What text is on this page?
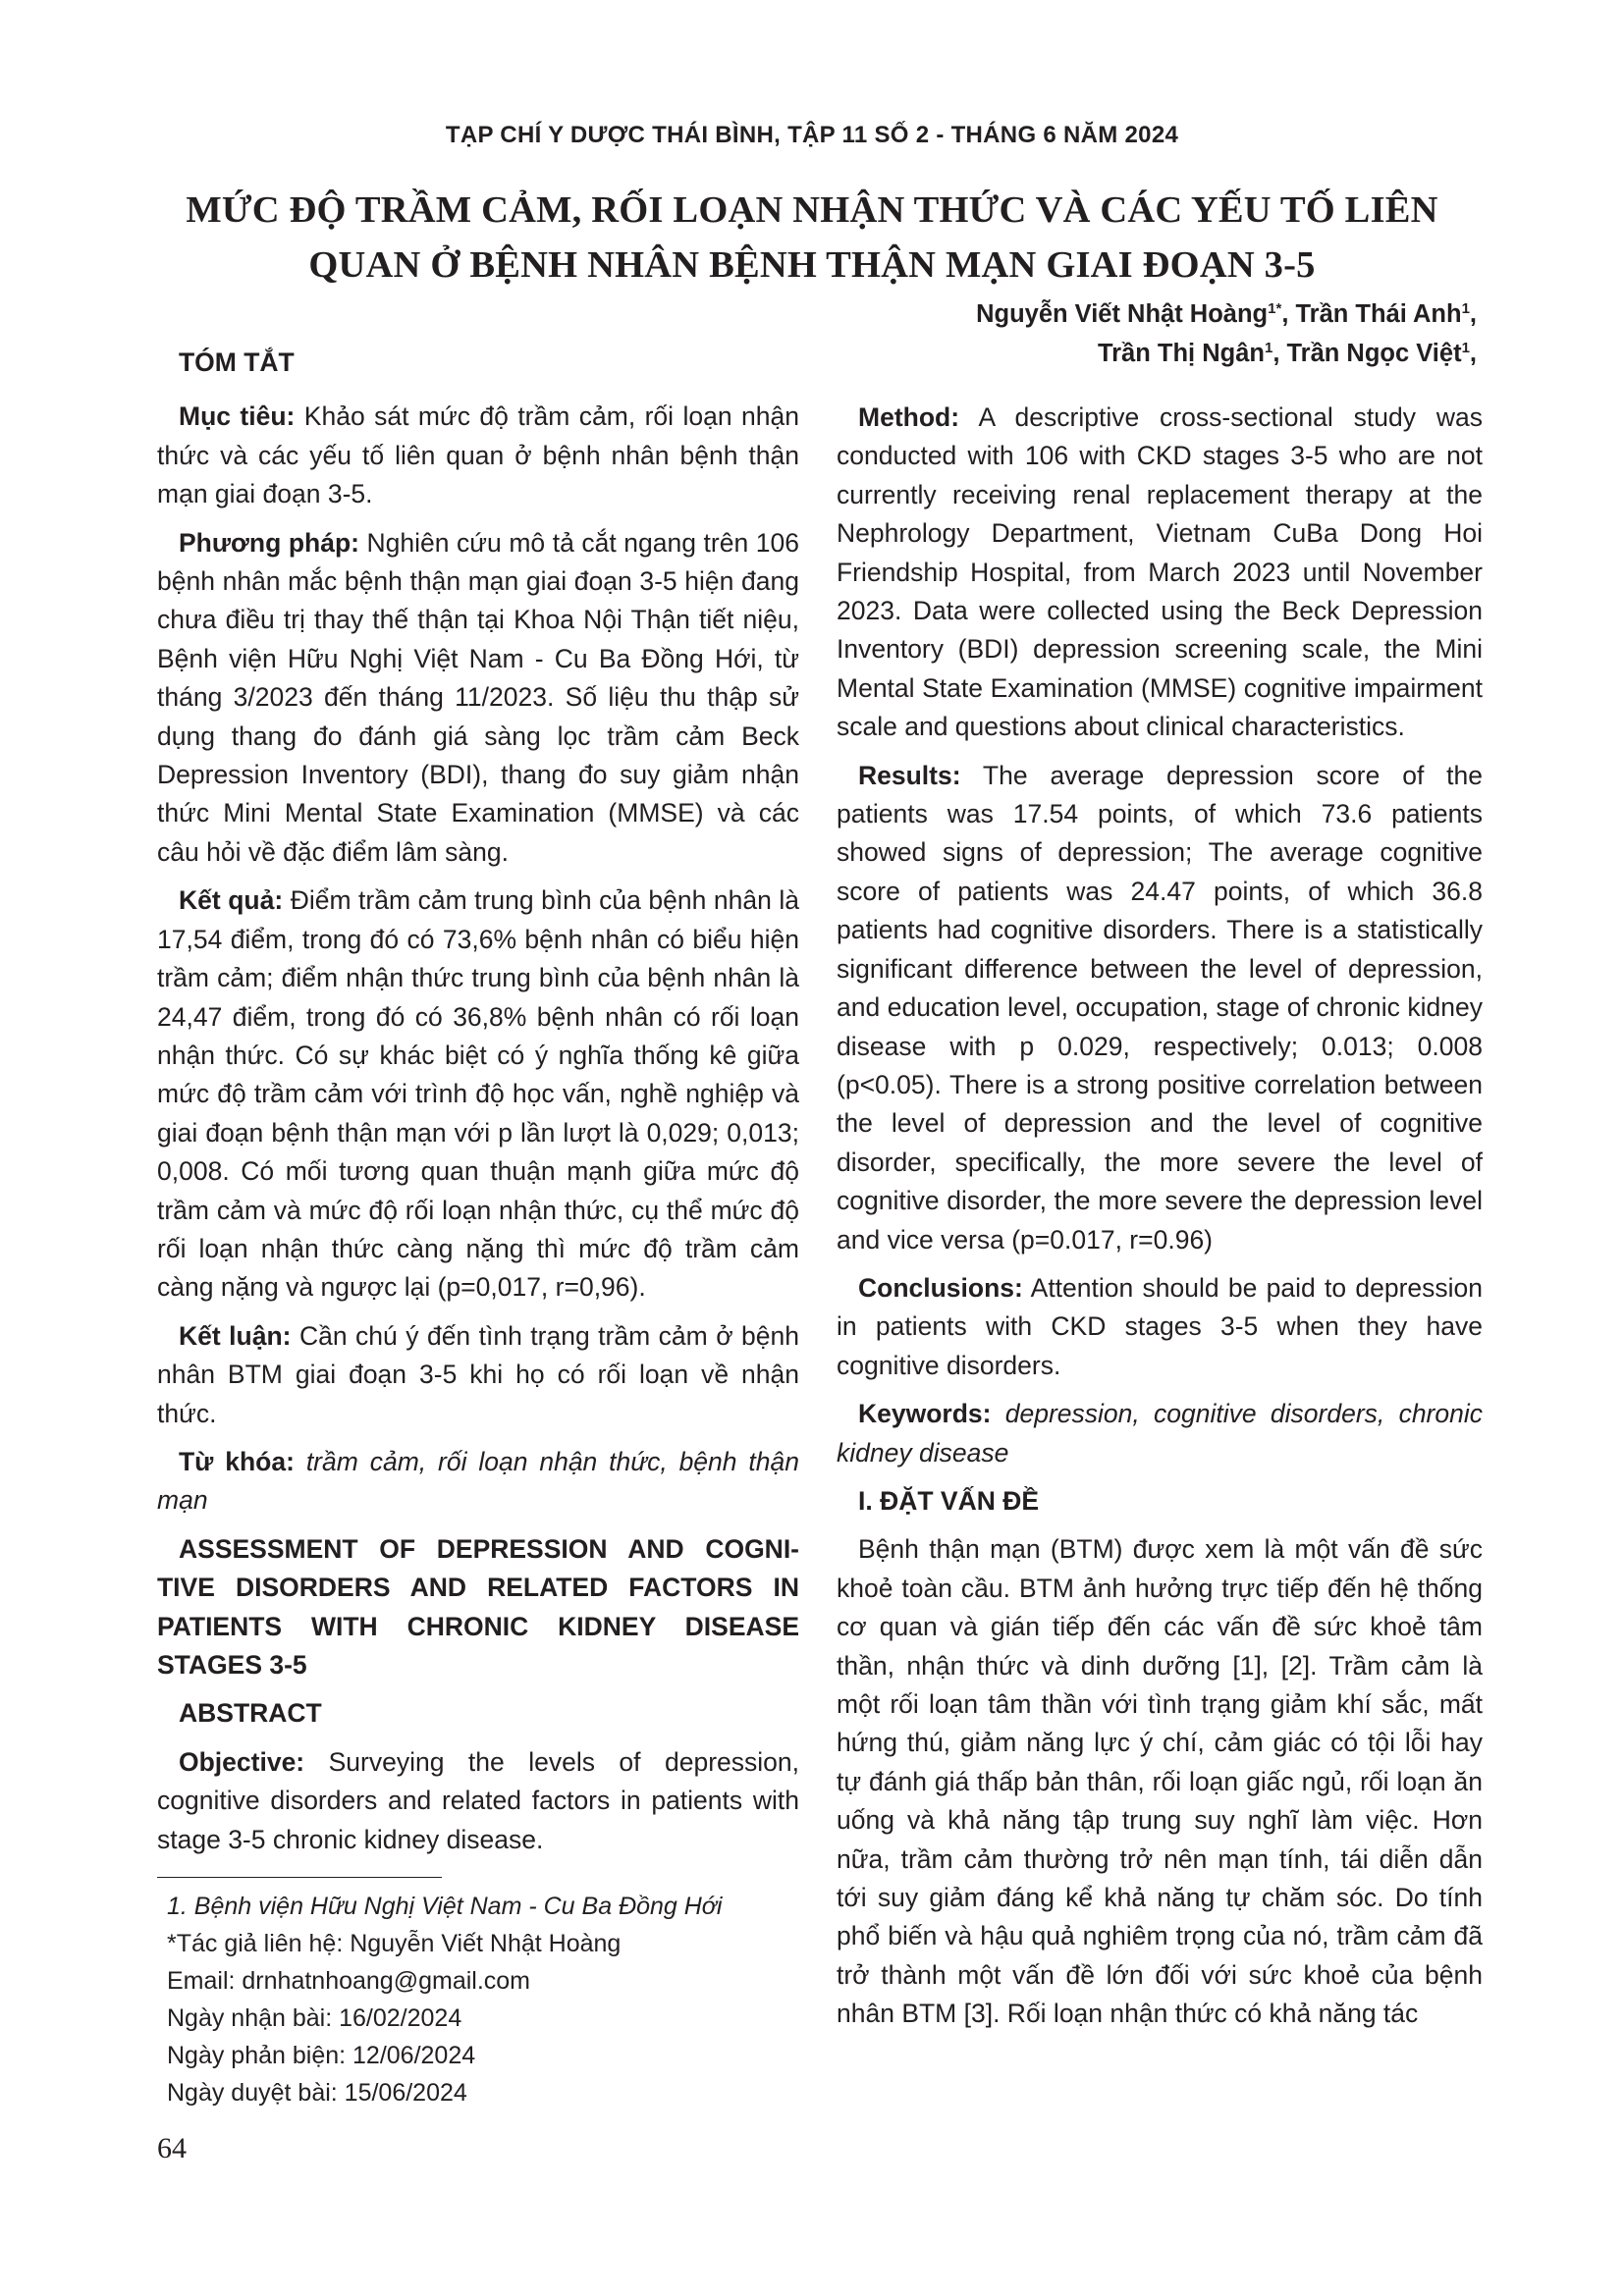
TẠP CHÍ Y DƯỢC THÁI BÌNH, TẬP 11 SỐ 2 - THÁNG 6 NĂM 2024
MỨC ĐỘ TRẦM CẢM, RỐI LOẠN NHẬN THỨC VÀ CÁC YẾU TỐ LIÊN
QUAN Ở BỆNH NHÂN BỆNH THẬN MẠN GIAI ĐOẠN 3-5
Nguyễn Viết Nhật Hoàng$^{1*}$, Trần Thái Anh$^1$,
Trần Thị Ngân$^1$, Trần Ngọc Việt$^1$,
TÓM TẮT

Mục tiêu: Khảo sát mức độ trầm cảm, rối loạn nhận thức và các yếu tố liên quan ở bệnh nhân bệnh thận mạn giai đoạn 3-5.

Phương pháp: Nghiên cứu mô tả cắt ngang trên 106 bệnh nhân mắc bệnh thận mạn giai đoạn 3-5 hiện đang chưa điều trị thay thế thận tại Khoa Nội Thận tiết niệu, Bệnh viện Hữu Nghị Việt Nam - Cu Ba Đồng Hới, từ tháng 3/2023 đến tháng 11/2023. Số liệu thu thập sử dụng thang đo đánh giá sàng lọc trầm cảm Beck Depression Inventory (BDI), thang đo suy giảm nhận thức Mini Mental State Examination (MMSE) và các câu hỏi về đặc điểm lâm sàng.

Kết quả: Điểm trầm cảm trung bình của bệnh nhân là 17,54 điểm, trong đó có 73,6% bệnh nhân có biểu hiện trầm cảm; điểm nhận thức trung bình của bệnh nhân là 24,47 điểm, trong đó có 36,8% bệnh nhân có rối loạn nhận thức. Có sự khác biệt có ý nghĩa thống kê giữa mức độ trầm cảm với trình độ học vấn, nghề nghiệp và giai đoạn bệnh thận mạn với p lần lượt là 0,029; 0,013; 0,008. Có mối tương quan thuận mạnh giữa mức độ trầm cảm và mức độ rối loạn nhận thức, cụ thể mức độ rối loạn nhận thức càng nặng thì mức độ trầm cảm càng nặng và ngược lại (p=0,017, r=0,96).

Kết luận: Cần chú ý đến tình trạng trầm cảm ở bệnh nhân BTM giai đoạn 3-5 khi họ có rối loạn về nhận thức.

Từ khóa: trầm cảm, rối loạn nhận thức, bệnh thận mạn

ASSESSMENT OF DEPRESSION AND COGNI-TIVE DISORDERS AND RELATED FACTORS IN PATIENTS WITH CHRONIC KIDNEY DISEASE STAGES 3-5

ABSTRACT

Objective: Surveying the levels of depression, cognitive disorders and related factors in patients with stage 3-5 chronic kidney disease.

1. Bệnh viện Hữu Nghị Việt Nam - Cu Ba Đồng Hới
*Tác giả liên hệ: Nguyễn Viết Nhật Hoàng
Email: drnhatnhoang@gmail.com
Ngày nhận bài: 16/02/2024
Ngày phản biện: 12/06/2024
Ngày duyệt bài: 15/06/2024

Method: A descriptive cross-sectional study was conducted with 106 with CKD stages 3-5 who are not currently receiving renal replacement therapy at the Nephrology Department, Vietnam CuBa Dong Hoi Friendship Hospital, from March 2023 until November 2023. Data were collected using the Beck Depression Inventory (BDI) depression screening scale, the Mini Mental State Examination (MMSE) cognitive impairment scale and questions about clinical characteristics.

Results: The average depression score of the patients was 17.54 points, of which 73.6 patients showed signs of depression; The average cognitive score of patients was 24.47 points, of which 36.8 patients had cognitive disorders. There is a statistically significant difference between the level of depression, and education level, occupation, stage of chronic kidney disease with p 0.029, respectively; 0.013; 0.008 (p<0.05). There is a strong positive correlation between the level of depression and the level of cognitive disorder, specifically, the more severe the level of cognitive disorder, the more severe the depression level and vice versa (p=0.017, r=0.96)

Conclusions: Attention should be paid to depression in patients with CKD stages 3-5 when they have cognitive disorders.

Keywords: depression, cognitive disorders, chronic kidney disease

I. ĐẶT VẤN ĐỀ

Bệnh thận mạn (BTM) được xem là một vấn đề sức khoẻ toàn cầu. BTM ảnh hưởng trực tiếp đến hệ thống cơ quan và gián tiếp đến các vấn đề sức khoẻ tâm thần, nhận thức và dinh dưỡng [1], [2]. Trầm cảm là một rối loạn tâm thần với tình trạng giảm khí sắc, mất hứng thú, giảm năng lực ý chí, cảm giác có tội lỗi hay tự đánh giá thấp bản thân, rối loạn giấc ngủ, rối loạn ăn uống và khả năng tập trung suy nghĩ làm việc. Hơn nữa, trầm cảm thường trở nên mạn tính, tái diễn dẫn tới suy giảm đáng kể khả năng tự chăm sóc. Do tính phổ biến và hậu quả nghiêm trọng của nó, trầm cảm đã trở thành một vấn đề lớn đối với sức khoẻ của bệnh nhân BTM [3]. Rối loạn nhận thức có khả năng tác

64
